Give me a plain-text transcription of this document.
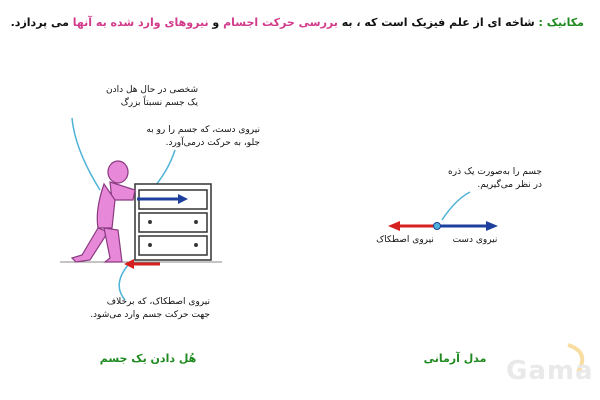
مکانیک : شاخه ای از علم فیزیک است که ، به بررسی حرکت اجسام و نیروهای وارد شده به آنها می پردازد.
شخصی در حال هل دادن
یک جسم نسبتاً بزرگ
نیروی دست، که جسم را رو به
جلو، به حرکت درمی‌آورد.
نیروی اصطکاک، که برخلاف
جهت حرکت جسم وارد می‌شود.
هُل دادن یک جسم
جسم را به‌صورت یک ذره
در نظر می‌گیریم.
نیروی دست
نیروی اصطکاک
مدل آرمانی Gama
